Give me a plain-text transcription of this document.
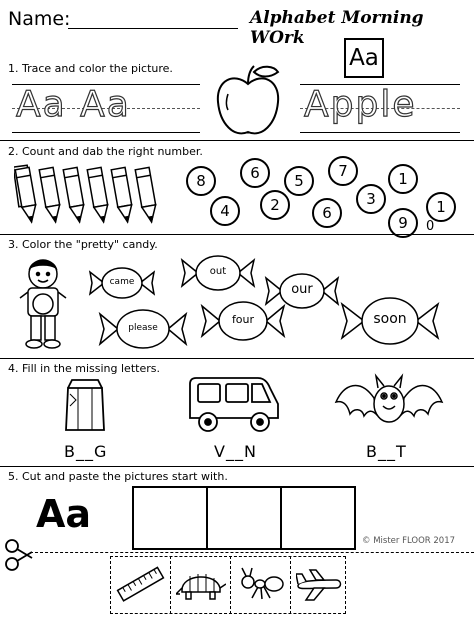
Name:	Alphabet Morning WOrk
1. Trace and color the picture.	Aa
Aa Aa	Apple
2. Count and dab the right number.
8	6	5
7	1
4	2	6
3
9
1
0
3. Color the "pretty" candy.
came
out
our
please
four	soon
4. Fill in the missing letters.
B__G	V__N	B__T
5. Cut and paste the pictures start with.
Aa
© Mister FLOOR 2017
